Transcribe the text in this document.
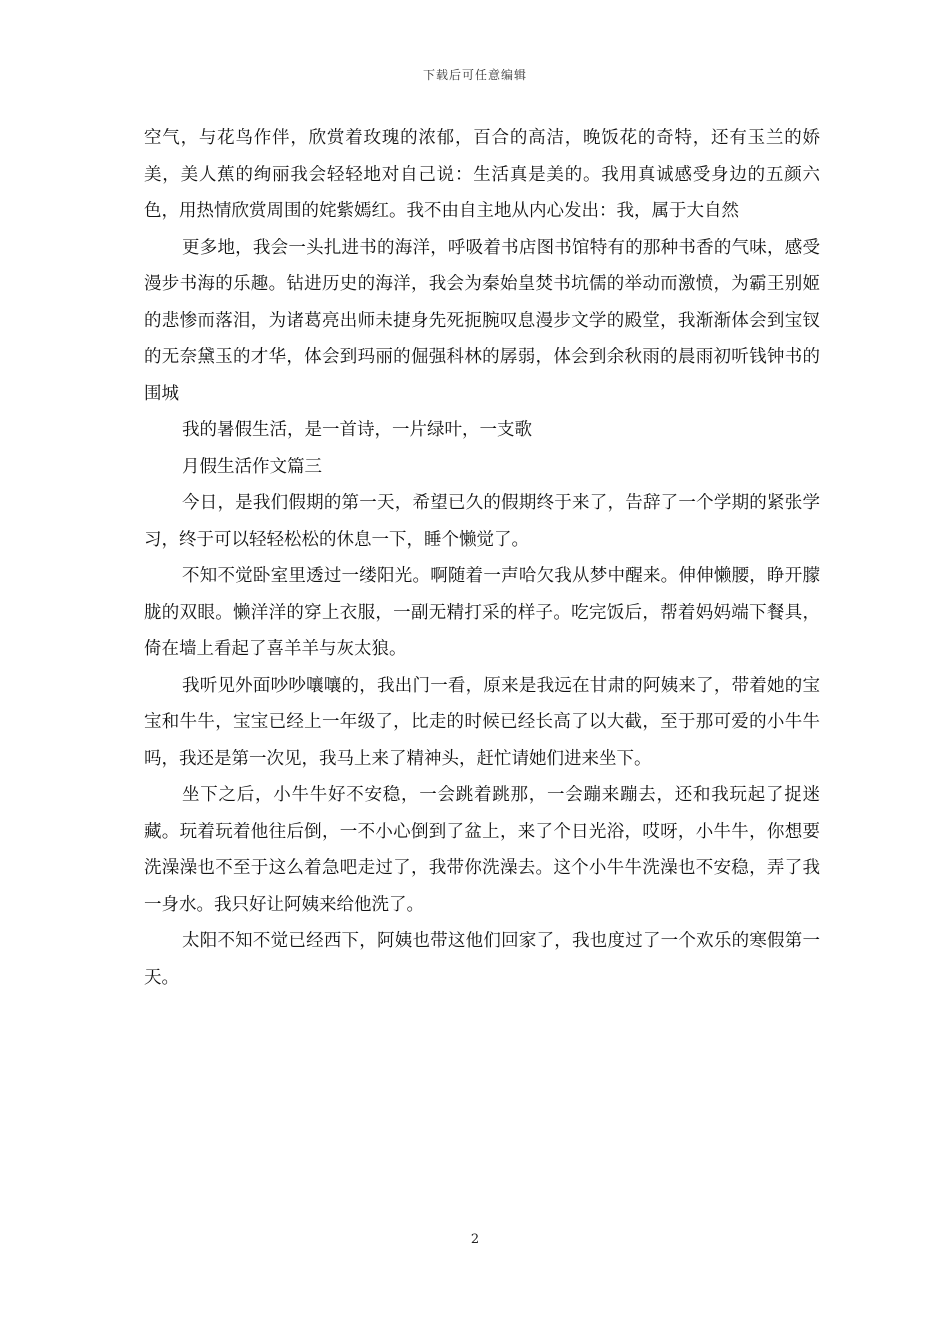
下载后可任意编辑

空气，与花鸟作伴，欣赏着玫瑰的浓郁，百合的高洁，晚饭花的奇特，还有玉兰的娇美，美人蕉的绚丽我会轻轻地对自己说：生活真是美的。我用真诚感受身边的五颜六色，用热情欣赏周围的姹紫嫣红。我不由自主地从内心发出：我，属于大自然

更多地，我会一头扎进书的海洋，呼吸着书店图书馆特有的那种书香的气味，感受漫步书海的乐趣。钻进历史的海洋，我会为秦始皇焚书坑儒的举动而激愤，为霸王别姬的悲惨而落泪，为诸葛亮出师未捷身先死扼腕叹息漫步文学的殿堂，我渐渐体会到宝钗的无奈黛玉的才华，体会到玛丽的倔强科林的孱弱，体会到余秋雨的晨雨初听钱钟书的围城

我的暑假生活，是一首诗，一片绿叶，一支歌

月假生活作文篇三

今日，是我们假期的第一天，希望已久的假期终于来了，告辞了一个学期的紧张学习，终于可以轻轻松松的休息一下，睡个懒觉了。

不知不觉卧室里透过一缕阳光。啊随着一声哈欠我从梦中醒来。伸伸懒腰，睁开朦胧的双眼。懒洋洋的穿上衣服，一副无精打采的样子。吃完饭后，帮着妈妈端下餐具，倚在墙上看起了喜羊羊与灰太狼。

我听见外面吵吵嚷嚷的，我出门一看，原来是我远在甘肃的阿姨来了，带着她的宝宝和牛牛，宝宝已经上一年级了，比走的时候已经长高了以大截，至于那可爱的小牛牛吗，我还是第一次见，我马上来了精神头，赶忙请她们进来坐下。

坐下之后，小牛牛好不安稳，一会跳着跳那，一会蹦来蹦去，还和我玩起了捉迷藏。玩着玩着他往后倒，一不小心倒到了盆上，来了个日光浴，哎呀，小牛牛，你想要洗澡澡也不至于这么着急吧走过了，我带你洗澡去。这个小牛牛洗澡也不安稳，弄了我一身水。我只好让阿姨来给他洗了。

太阳不知不觉已经西下，阿姨也带这他们回家了，我也度过了一个欢乐的寒假第一天。

2
